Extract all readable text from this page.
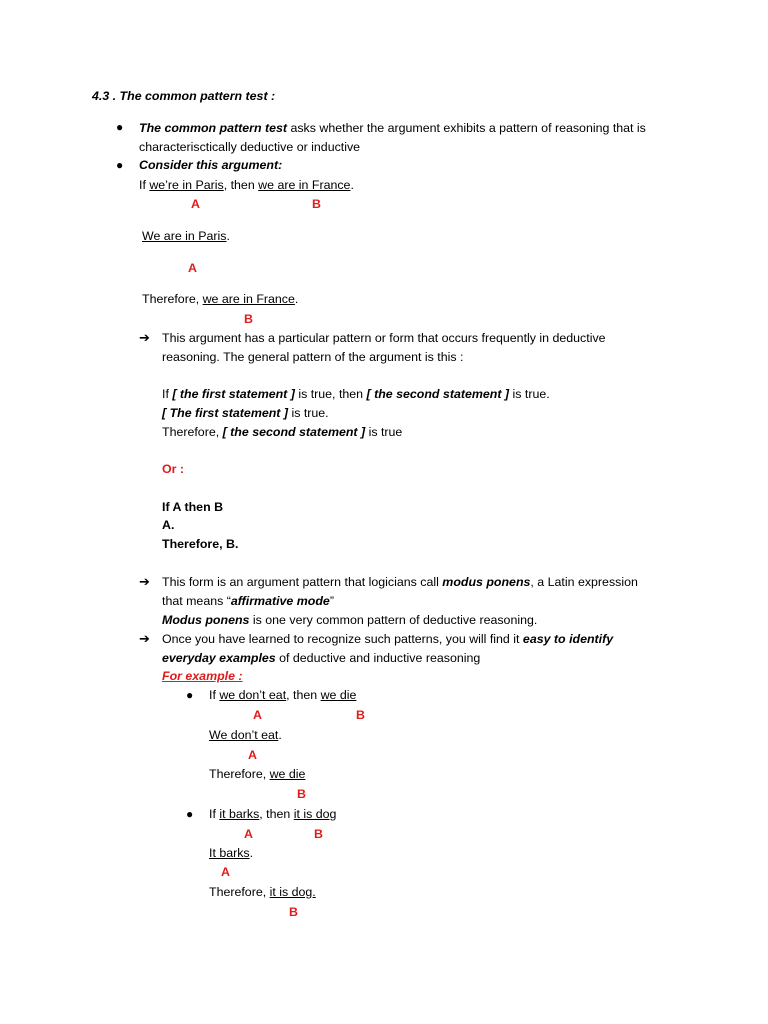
4.3 . The common pattern test :
● The common pattern test asks whether the argument exhibits a pattern of reasoning that is
characterisctically deductive or inductive
● Consider this argument:
If we’re in Paris, then we are in France.
A	B
We are in Paris.
A
Therefore, we are in France.
B
➔ This argument has a particular pattern or form that occurs frequently in deductive
reasoning. The general pattern of the argument is this :
If [ the first statement ] is true, then [ the second statement ] is true.
[ The first statement ] is true.
Therefore, [ the second statement ] is true
Or :
If A then B
A.
Therefore, B.
➔ This form is an argument pattern that logicians call modus ponens, a Latin expression
that means “affirmative mode”
Modus ponens is one very common pattern of deductive reasoning.
➔ Once you have learned to recognize such patterns, you will find it easy to identify
everyday examples of deductive and inductive reasoning
For example :
● If we don’t eat, then we die
A	B
We don’t eat.
A
Therefore, we die
B
● If it barks, then it is dog
A	B
It barks.
A
Therefore, it is dog.
B
